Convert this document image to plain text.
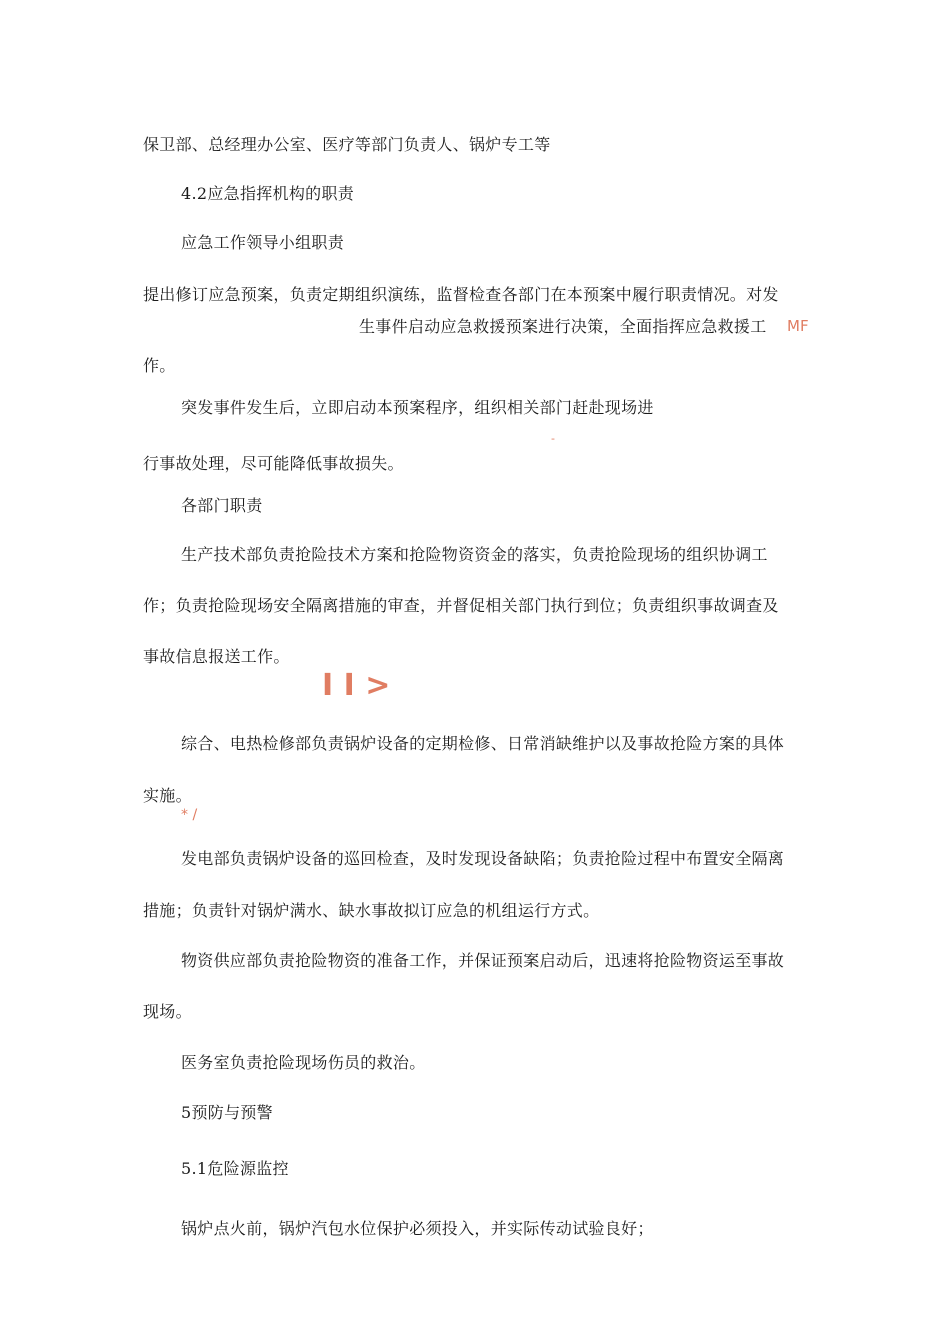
保卫部、总经理办公室、医疗等部门负责人、锅炉专工等
4.2应急指挥机构的职责
应急工作领导小组职责
提出修订应急预案，负责定期组织演练，监督检查各部门在本预案中履行职责情况。对发
生事件启动应急救援预案进行决策，全面指挥应急救援工 MF
作。
突发事件发生后，立即启动本预案程序，组织相关部门赶赴现场进
-
行事故处理，尽可能降低事故损失。
各部门职责
生产技术部负责抢险技术方案和抢险物资资金的落实，负责抢险现场的组织协调工
作；负责抢险现场安全隔离措施的审查，并督促相关部门执行到位；负责组织事故调查及
事故信息报送工作。
I I >
综合、电热检修部负责锅炉设备的定期检修、日常消缺维护以及事故抢险方案的具体
实施。
* /
发电部负责锅炉设备的巡回检查，及时发现设备缺陷；负责抢险过程中布置安全隔离
措施；负责针对锅炉满水、缺水事故拟订应急的机组运行方式。
物资供应部负责抢险物资的准备工作，并保证预案启动后，迅速将抢险物资运至事故
现场。
医务室负责抢险现场伤员的救治。
5预防与预警
5.1危险源监控
锅炉点火前，锅炉汽包水位保护必须投入，并实际传动试验良好；
